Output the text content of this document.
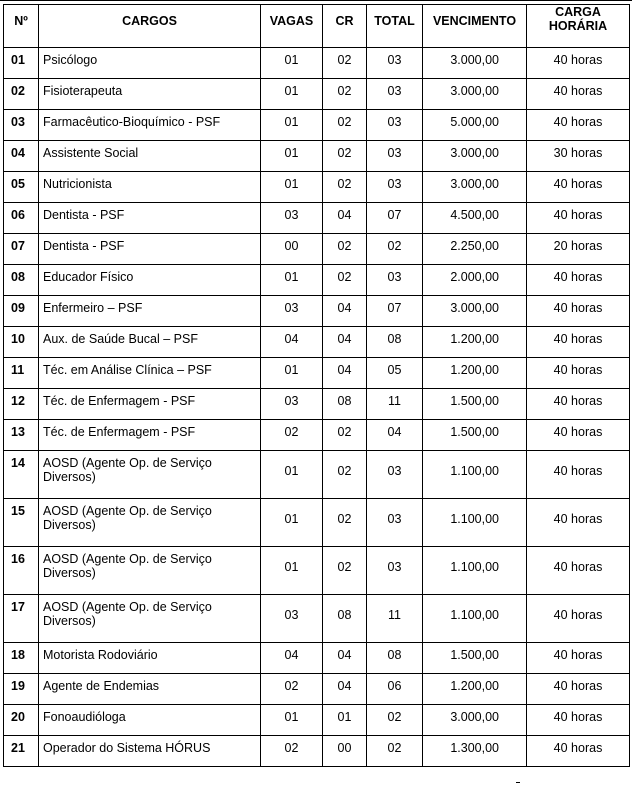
Nº	CARGOS	VAGAS	CR	TOTAL	VENCIMENTO	CARGA
HORÁRIA

01	Psicólogo	01	02	03	3.000,00	40 horas
02	Fisioterapeuta	01	02	03	3.000,00	40 horas
03	Farmacêutico-Bioquímico - PSF	01	02	03	5.000,00	40 horas
04	Assistente Social	01	02	03	3.000,00	30 horas
05	Nutricionista	01	02	03	3.000,00	40 horas
06	Dentista - PSF	03	04	07	4.500,00	40 horas
07	Dentista - PSF	00	02	02	2.250,00	20 horas
08	Educador Físico	01	02	03	2.000,00	40 horas
09	Enfermeiro – PSF	03	04	07	3.000,00	40 horas
10	Aux. de Saúde Bucal – PSF	04	04	08	1.200,00	40 horas
11	Téc. em Análise Clínica – PSF	01	04	05	1.200,00	40 horas
12	Téc. de Enfermagem - PSF	03	08	11	1.500,00	40 horas
13	Téc. de Enfermagem - PSF	02	02	04	1.500,00	40 horas
14	AOSD (Agente Op. de Serviço Diversos)	01	02	03	1.100,00	40 horas
15	AOSD (Agente Op. de Serviço Diversos)	01	02	03	1.100,00	40 horas
16	AOSD (Agente Op. de Serviço Diversos)	01	02	03	1.100,00	40 horas
17	AOSD (Agente Op. de Serviço Diversos)	03	08	11	1.100,00	40 horas
18	Motorista Rodoviário	04	04	08	1.500,00	40 horas
19	Agente de Endemias	02	04	06	1.200,00	40 horas
20	Fonoaudiólogа	01	01	02	3.000,00	40 horas
21	Operador do Sistema HÓRUS	02	00	02	1.300,00	40 horas
